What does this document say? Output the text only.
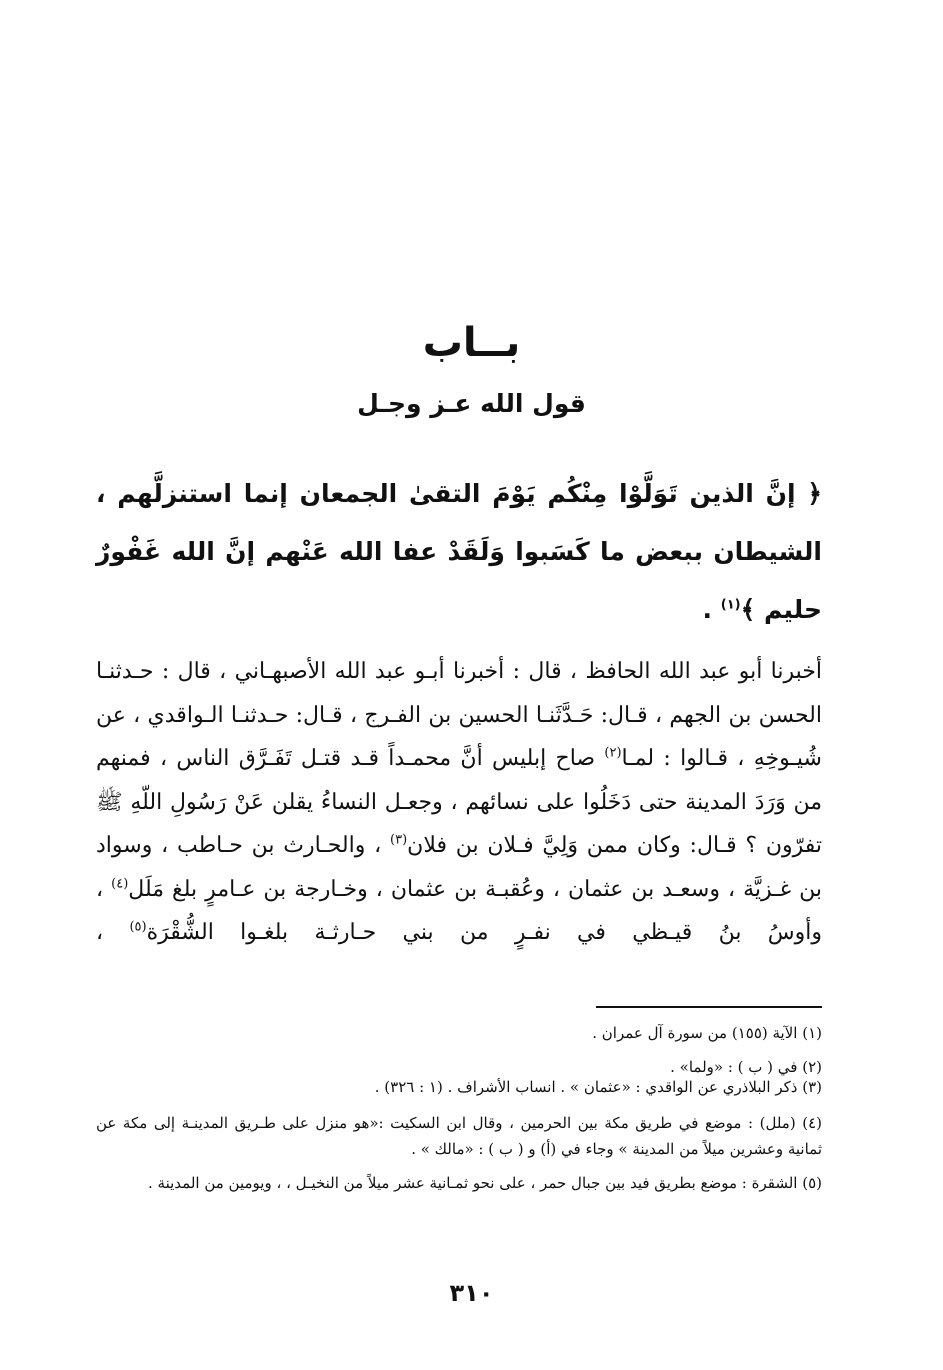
بــاب
قول الله عـز وجـل

﴿ إنَّ الذين تَوَلَّوْا مِنْكُم يَوْمَ التقىٰ الجمعان إنما استنزلَّهم ، الشيطان ببعض ما كَسَبوا وَلَقَدْ عفا الله عَنْهم إنَّ الله غَفْورٌ حليم ﴾$^{(١)}$ .

أخبرنا أبو عبد الله الحافظ ، قال : أخبرنا أبـو عبد الله الأصبهـاني ، قال : حـدثنـا الحسن بن الجهم ، قـال: حَـدَّثَنـا الحسين بن الفـرج ، قـال: حـدثنـا الـواقدي ، عن شُيـوخِهِ ، قـالوا : لمـا$^{(٢)}$ صاح إبليس أنَّ محمـداً قـد قتـل تَفَـرَّق الناس ، فمنهم من وَرَدَ المدينة حتى دَخَلُوا على نسائهم ، وجعـل النساءُ يقلن عَنْ رَسُولِ اللّهِ ﷺ تفرّون ؟ قـال: وكان ممن وَلِيَّ فـلان بن فلان$^{(٣)}$ ، والحـارث بن حـاطب ، وسواد بن غـزيَّة ، وسعـد بن عثمان ، وعُقبـة بن عثمان ، وخـارجة بن عـامرٍ بلغ مَلَل$^{(٤)}$ ، وأوسُ بنُ قيـظي في نفـرٍ من بني حـارثـة بلغـوا الشُّقْرَة$^{(٥)}$ ،

(١) الآية (١٥٥) من سورة آل عمران .
(٢) في ( ب ) : «ولما» .
(٣) ذكر البلاذري عن الواقدي : «عثمان » . انساب الأشراف . (١ : ٣٢٦) .
(٤) (ملل) : موضع في طريق مكة بين الحرمين ، وقال ابن السكيت :«هو منزل على طـريق المدينـة إلى مكة عن ثمانية وعشرين ميلاً من المدينة » وجاء في (أ) و ( ب ) : «مالك » .
(٥) الشقرة : موضع بطريق فيد بين جبال حمر ، على نحو ثمـانية عشر ميلاً من النخيـل ، ، ويومين من المدينة .
٣١٠
